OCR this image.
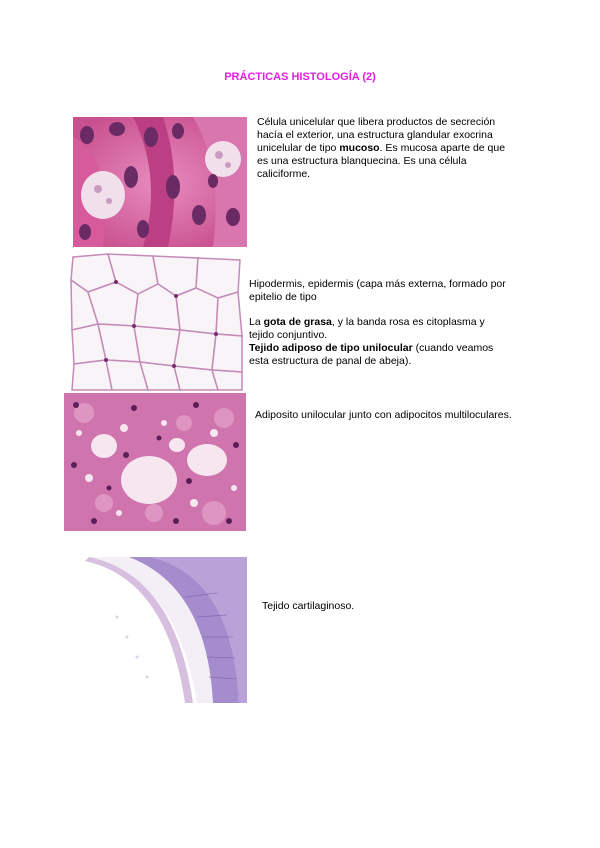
PRÁCTICAS HISTOLOGÍA (2)

Célula unicelular que libera productos de secreción

hacía el exterior, una estructura glandular exocrina

unicelular de tipo mucoso. Es mucosa aparte de que

es una estructura blanquecina. Es una célula

caliciforme.

Hipodermis, epidermis (capa más externa, formado por

epitelio de tipo

La gota de grasa, y la banda rosa es citoplasma y

tejido conjuntivo.

Tejido adiposo de tipo unilocular (cuando veamos

esta estructura de panal de abeja).

Adiposito unilocular junto con adipocitos multiloculares.
Tejido cartilaginoso.
